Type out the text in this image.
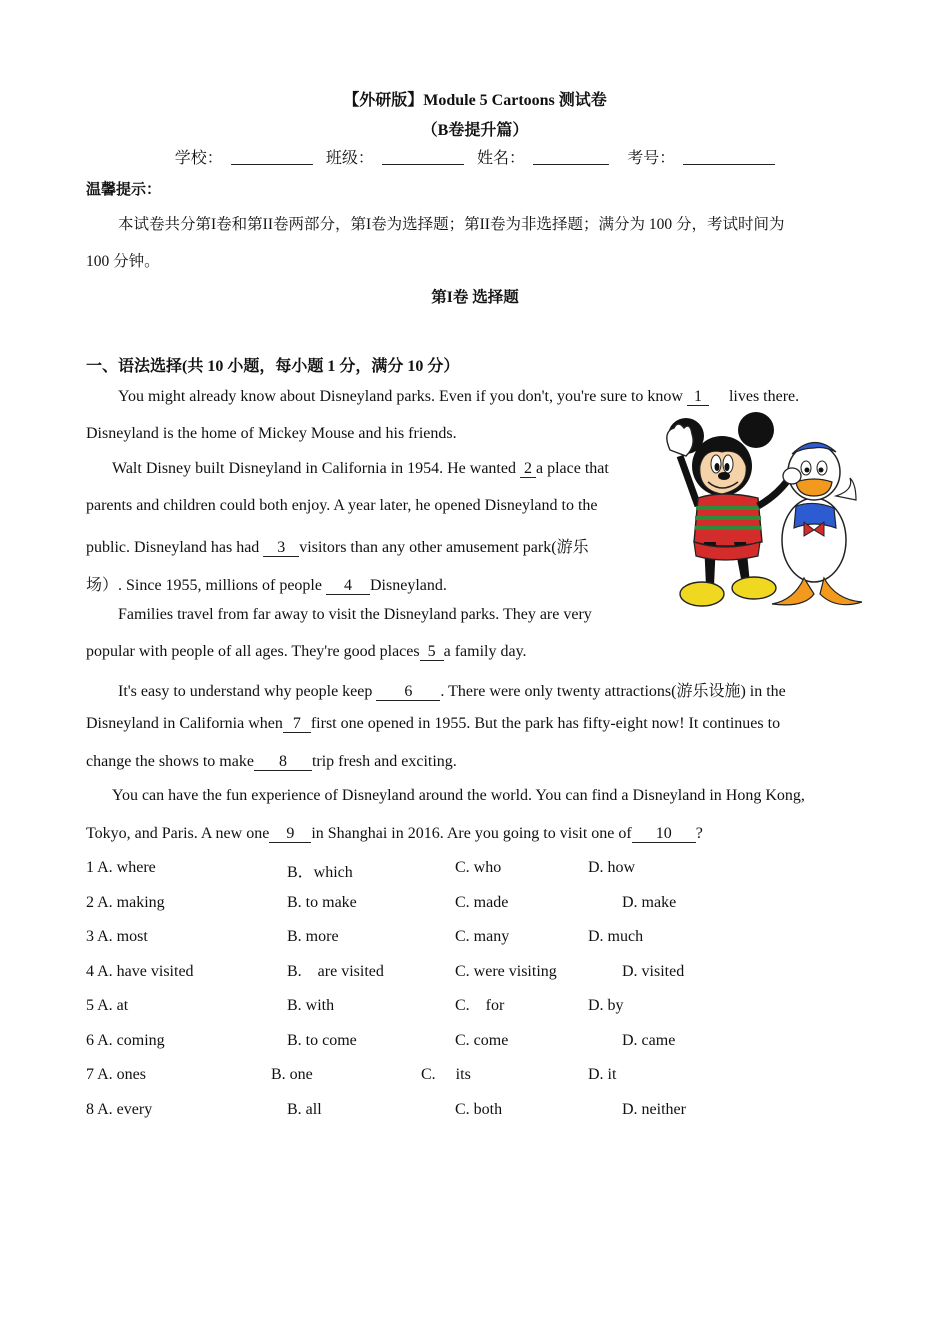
【外研版】Module 5 Cartoons 测试卷
（B卷提升篇）
学校：	班级：	姓名：	考号：
温馨提示：
本试卷共分第I卷和第II卷两部分，第I卷为选择题；第II卷为非选择题；满分为 100 分，考试时间为
100 分钟。
第I卷 选择题
一、语法选择(共 10 小题，每小题 1 分，满分 10 分）
You might already know about Disneyland parks. Even if you don't, you're sure to know 1 lives there.
Disneyland is the home of Mickey Mouse and his friends.
Walt Disney built Disneyland in California in 1954. He wanted 2 a place that
parents and children could both enjoy. A year later, he opened Disneyland to the
public. Disneyland has had 3 visitors than any other amusement park(游乐
场）. Since 1955, millions of people 4 Disneyland.
Families travel from far away to visit the Disneyland parks. They are very
popular with people of all ages. They're good places 5 a family day.
It's easy to understand why people keep 6 . There were only twenty attractions(游乐设施) in the
Disneyland in California when 7 first one opened in 1955. But the park has fifty-eight now! It continues to
change the shows to make 8 trip fresh and exciting.
You can have the fun experience of Disneyland around the world. You can find a Disneyland in Hong Kong,
Tokyo, and Paris. A new one 9 in Shanghai in 2016. Are you going to visit one of 10 ?
1 A. where	B．which	C. who	D. how
2 A. making	B. to make	C. made	D. make
3 A. most	B. more	C. many	D. much
4 A. have visited	B.    are visited	C. were visiting	D. visited
5 A. at	B. with	C.    for	D. by
6 A. coming	B. to come	C. come	D. came
7 A. ones	B. one	C.     its	D. it
8 A. every	B. all	C. both	D. neither
